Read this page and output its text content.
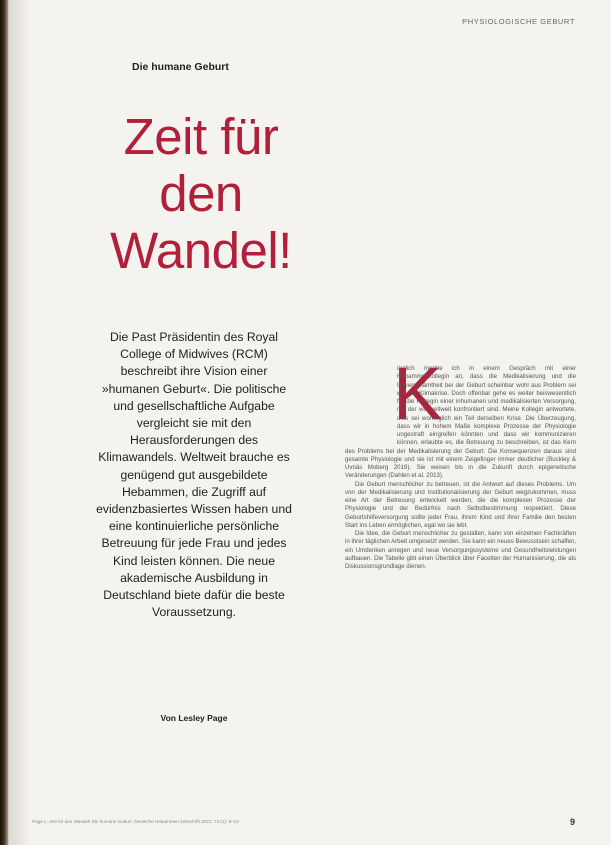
PHYSIOLOGISCHE GEBURT
Die humane Geburt
Zeit für
den
Wandel!
Die Past Präsidentin des Royal College of Midwives (RCM) beschreibt ihre Vision einer »humanen Geburt«. Die politische und gesellschaftliche Aufgabe vergleicht sie mit den Herausforderungen des Klimawandels. Weltweit brauche es genügend gut ausgebildete Hebammen, die Zugriff auf evidenzbasiertes Wissen haben und eine kontinuierliche persönliche Betreuung für jede Frau und jedes Kind leisten können. Die neue akademische Ausbildung in Deutschland biete dafür die beste Voraussetzung.
Von Lesley Page
K

ürzlich merkte ich in einem Gespräch mit einer Hebammenkollegin an, dass die Medikalisierung und die Unverschämtheit bei der Geburt scheinbar wohl aus Problem sei wie die Klimakrise. Doch offenbar gehe es weiter beiswesentlich für die Kollegin einer inhumanen und medikalisierten Versorgung, mit der wir weltweit konfrontiert sind. Meine Kollegin antwortete, dies sei womöglich ein Teil derselben Krise. Die Überzeugung, dass wir in hohem Maße komplexe Prozesse der Physiologie ungestraft eingreifen könnten und dass wir kommunizieren können, erlaubte es, die Betreuung zu beschreiben, ist das Kern des Problems bei der Medikalisierung der Geburt. Die Konsequenzen daraus sind gesamte Physiologie und sie ist mit einem Zeigefinger immer deutlicher (Buckley & Uvnäs Moberg 2019). Sie weisen bis in die Zukunft durch epigenetische Veränderungen (Dahlen et al. 2013).

Die Geburt menschlicher zu betreuen, ist die Antwort auf dieses Problems. Um von der Medikalisierung und Institutionalisierung der Geburt wegzukommen, muss eine Art der Betreuung entwickelt werden, die die komplexen Prozesse der Physiologie und der Bedürfnis nach Selbstbestimmung respektiert. Diese Geburtshilfeversorgung sollte jeder Frau, ihrem Kind und ihrer Familie den besten Start ins Leben ermöglichen, egal wo sie lebt.

Die Idee, die Geburt menschlicher zu gestalten, kann von einzelnen Fachkräften in ihrer täglichen Arbeit umgesetzt werden. Sie kann ein neues Bewusstsein schaffen, ein Umdenken anregen und neue Versorgungssysteme und Gesundheitsleistungen aufbauen. Die Tabelle gibt einen Überblick über Facetten der Humanisierung, die als Diskussionsgrundlage dienen.

Page L: Zeit für den Wandel! Die humane Geburt. Deutsche Hebammen Zeitschrift 2021; 73 (1): 8–13	9
